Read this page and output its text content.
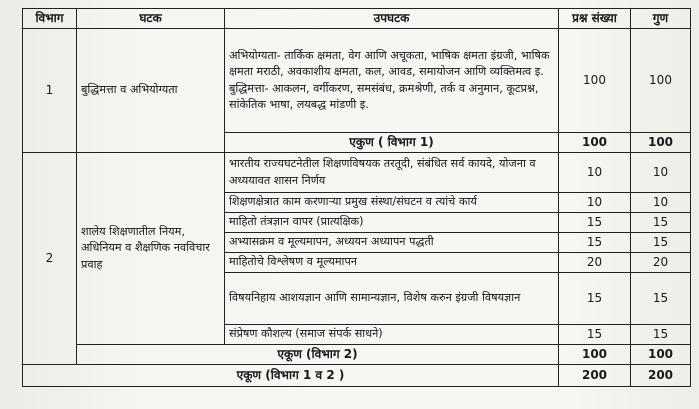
विभाग	घटक	उपघटक	प्रश्न संख्या	गुण
1	बुद्धिमत्ता व अभियोग्यता	अभियोग्यता- तार्किक क्षमता, वेग आणि अचूकता, भाषिक क्षमता इंग्रजी, भाषिक क्षमता मराठी, अवकाशीय क्षमता, कल, आवड, समायोजन आणि व्यक्तिमत्व इ. बुद्धिमत्ता- आकलन, वर्गीकरण, समसंबंध, क्रमश्रेणी, तर्क व अनुमान, कूटप्रश्न, सांकेतिक भाषा, लयबद्ध मांडणी इ.	100	100
		एकुण ( विभाग 1)	100	100
2	शालेय शिक्षणातील नियम, अधिनियम व शैक्षणिक नवविचार प्रवाह	भारतीय राज्यघटनेतील शिक्षणविषयक तरतूदी, संबंधित सर्व कायदे, योजना व अध्ययावत शासन निर्णय	10	10
		शिक्षणक्षेत्रात काम करणाऱ्या प्रमुख संस्था/संघटन व त्यांचे कार्य	10	10
		माहितो तंत्रज्ञान वापर (प्रात्यक्षिक)	15	15
		अभ्यासक्रम व मूल्यमापन, अध्ययन अध्यापन पद्धती	15	15
		माहितोचे विश्लेषण व मूल्यमापन	20	20
		विषयनिहाय आशयज्ञान आणि सामान्यज्ञान, विशेष करुन इंग्रजी विषयज्ञान	15	15
		संप्रेषण कौशल्य (समाज संपर्क साधने)	15	15
	एकूण (विभाग 2)		100	100
एकूण (विभाग 1 व 2 )			200	200
